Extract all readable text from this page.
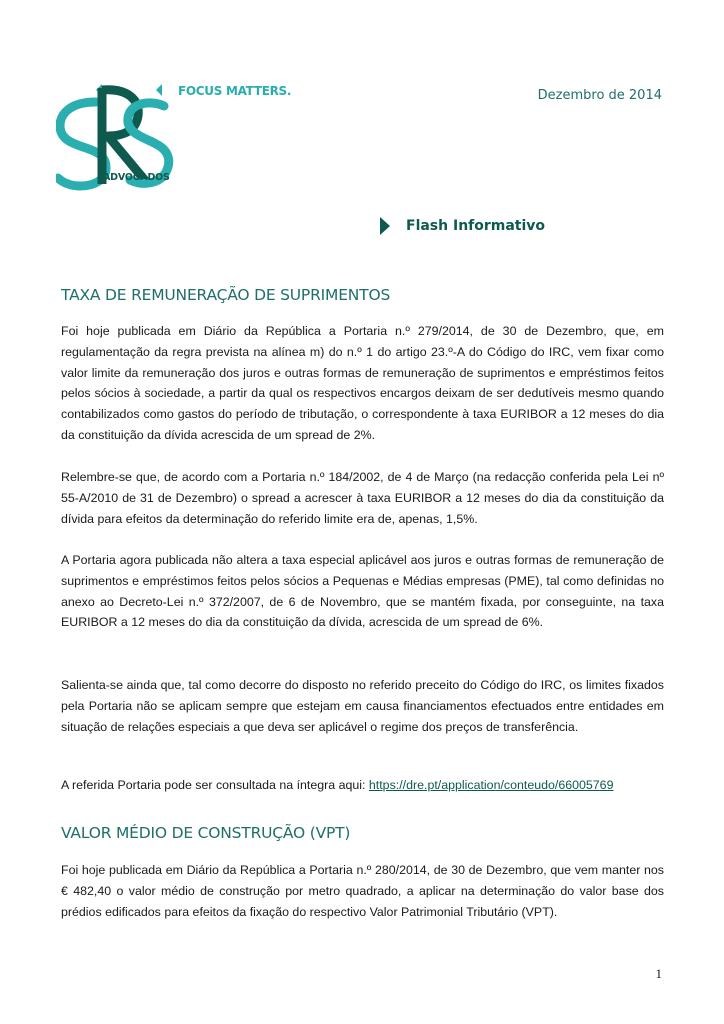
FOCUS MATTERS.
ADVOGADOS
Dezembro de 2014
Flash Informativo
TAXA DE REMUNERAÇÃO DE SUPRIMENTOS

Foi hoje publicada em Diário da República a Portaria n.º 279/2014, de 30 de Dezembro, que, em regulamentação da regra prevista na alínea m) do n.º 1 do artigo 23.º-A do Código do IRC, vem fixar como valor limite da remuneração dos juros e outras formas de remuneração de suprimentos e empréstimos feitos pelos sócios à sociedade, a partir da qual os respectivos encargos deixam de ser dedutíveis mesmo quando contabilizados como gastos do período de tributação, o correspondente à taxa EURIBOR a 12 meses do dia da constituição da dívida acrescida de um spread de 2%.

Relembre-se que, de acordo com a Portaria n.º 184/2002, de 4 de Março (na redacção conferida pela Lei nº 55-A/2010 de 31 de Dezembro) o spread a acrescer à taxa EURIBOR a 12 meses do dia da constituição da dívida para efeitos da determinação do referido limite era de, apenas, 1,5%.

A Portaria agora publicada não altera a taxa especial aplicável aos juros e outras formas de remuneração de suprimentos e empréstimos feitos pelos sócios a Pequenas e Médias empresas (PME), tal como definidas no anexo ao Decreto-Lei n.º 372/2007, de 6 de Novembro, que se mantém fixada, por conseguinte, na taxa EURIBOR a 12 meses do dia da constituição da dívida, acrescida de um spread de 6%.

Salienta-se ainda que, tal como decorre do disposto no referido preceito do Código do IRC, os limites fixados pela Portaria não se aplicam sempre que estejam em causa financiamentos efectuados entre entidades em situação de relações especiais a que deva ser aplicável o regime dos preços de transferência.

A referida Portaria pode ser consultada na íntegra aqui: https://dre.pt/application/conteudo/66005769

VALOR MÉDIO DE CONSTRUÇÃO (VPT)

Foi hoje publicada em Diário da República a Portaria n.º 280/2014, de 30 de Dezembro, que vem manter nos € 482,40 o valor médio de construção por metro quadrado, a aplicar na determinação do valor base dos prédios edificados para efeitos da fixação do respectivo Valor Patrimonial Tributário (VPT).

1
